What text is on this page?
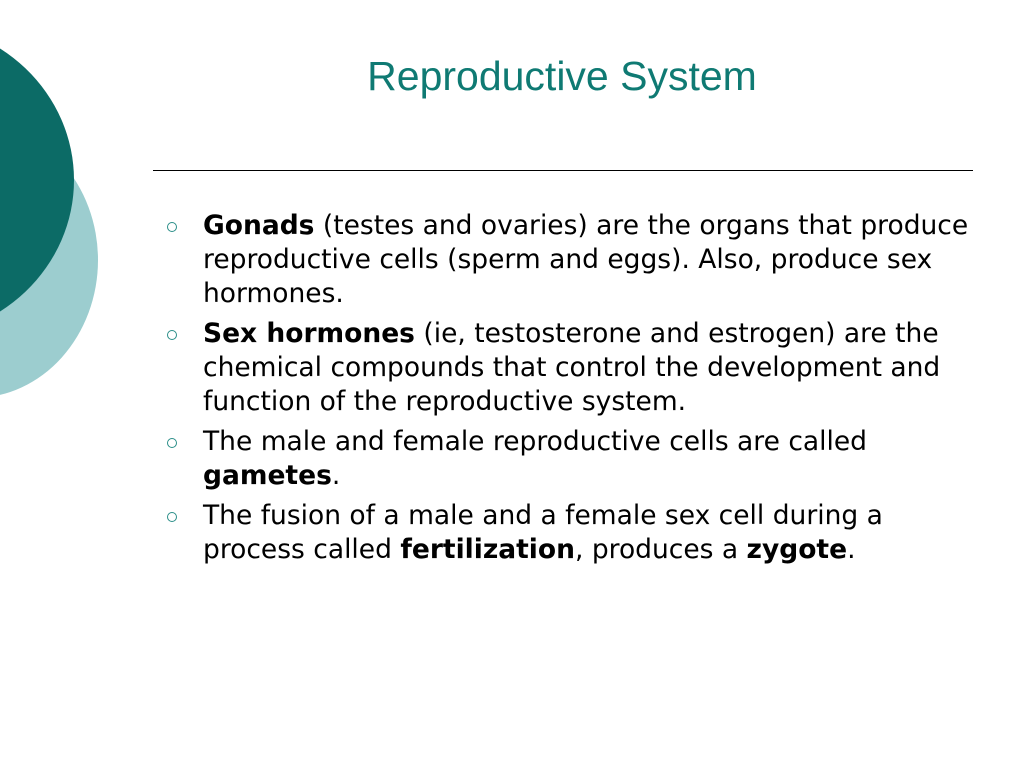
Reproductive System
Gonads (testes and ovaries) are the organs that produce reproductive cells (sperm and eggs). Also, produce sex hormones.
Sex hormones (ie, testosterone and estrogen) are the chemical compounds that control the development and function of the reproductive system.
The male and female reproductive cells are called gametes.
The fusion of a male and a female sex cell during a process called fertilization, produces a zygote.
